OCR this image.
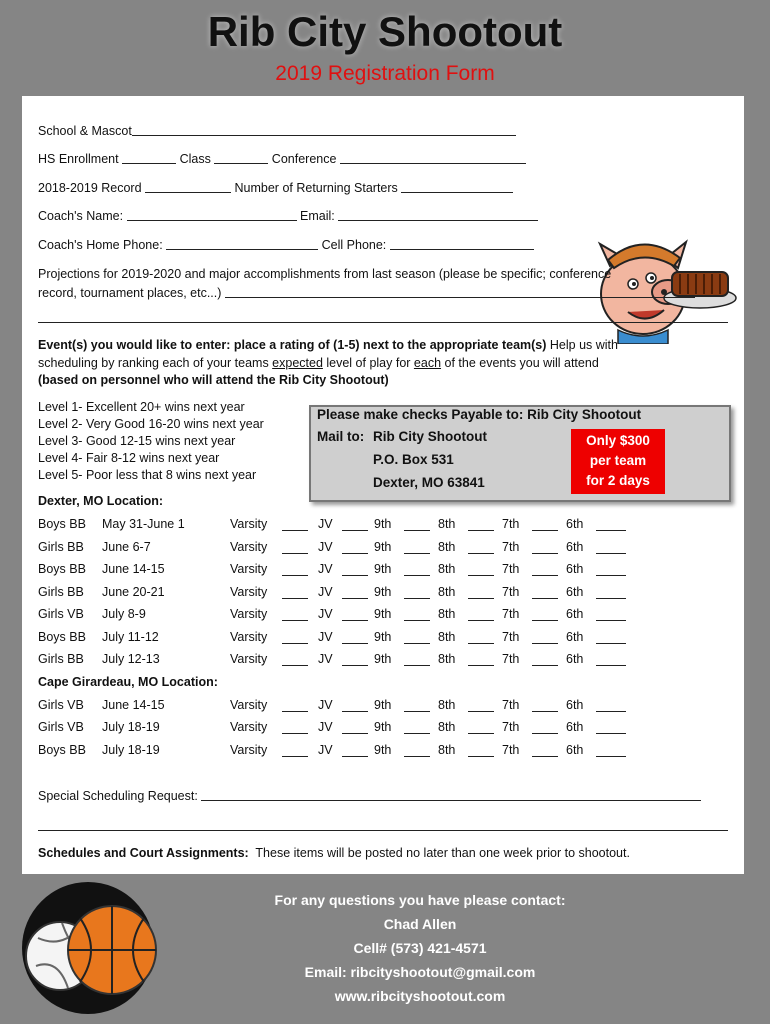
Rib City Shootout
2019 Registration Form
School & Mascot
HS Enrollment	Class	Conference
2018-2019 Record	Number of Returning Starters
Coach's Name:	Email:
Coach's Home Phone:	Cell Phone:
Projections for 2019-2020 and major accomplishments from last season (please be specific; conference
record, tournament places, etc...)
Event(s) you would like to enter: place a rating of (1-5) next to the appropriate team(s) Help us with
scheduling by ranking each of your teams expected level of play for each of the events you will attend
(based on personnel who will attend the Rib City Shootout)
Level 1- Excellent 20+ wins next year
Level 2- Very Good 16-20 wins next year
Level 3- Good 12-15 wins next year
Level 4- Fair 8-12 wins next year
Level 5- Poor less that 8 wins next year
Please make checks Payable to: Rib City Shootout
Mail to: Rib City Shootout
P.O. Box 531
Dexter, MO 63841
Only $300
per team
for 2 days
Dexter, MO Location:
Boys BB May 31-June 1	Varsity	JV	9th	8th	7th	6th
Girls BB June 6-7	Varsity	JV	9th	8th	7th	6th
Boys BB June 14-15	Varsity	JV	9th	8th	7th	6th
Girls BB June 20-21	Varsity	JV	9th	8th	7th	6th
Girls VB July 8-9	Varsity	JV	9th	8th	7th	6th
Boys BB July 11-12	Varsity	JV	9th	8th	7th	6th
Girls BB July 12-13	Varsity	JV	9th	8th	7th	6th
Cape Girardeau, MO Location:
Girls VB June 14-15	Varsity	JV	9th	8th	7th	6th
Girls VB July 18-19	Varsity	JV	9th	8th	7th	6th
Boys BB July 18-19	Varsity	JV	9th	8th	7th	6th
Special Scheduling Request:
Schedules and Court Assignments: These items will be posted no later than one week prior to shootout.
For any questions you have please contact:
Chad Allen
Cell# (573) 421-4571
Email: ribcityshootout@gmail.com
www.ribcityshootout.com
